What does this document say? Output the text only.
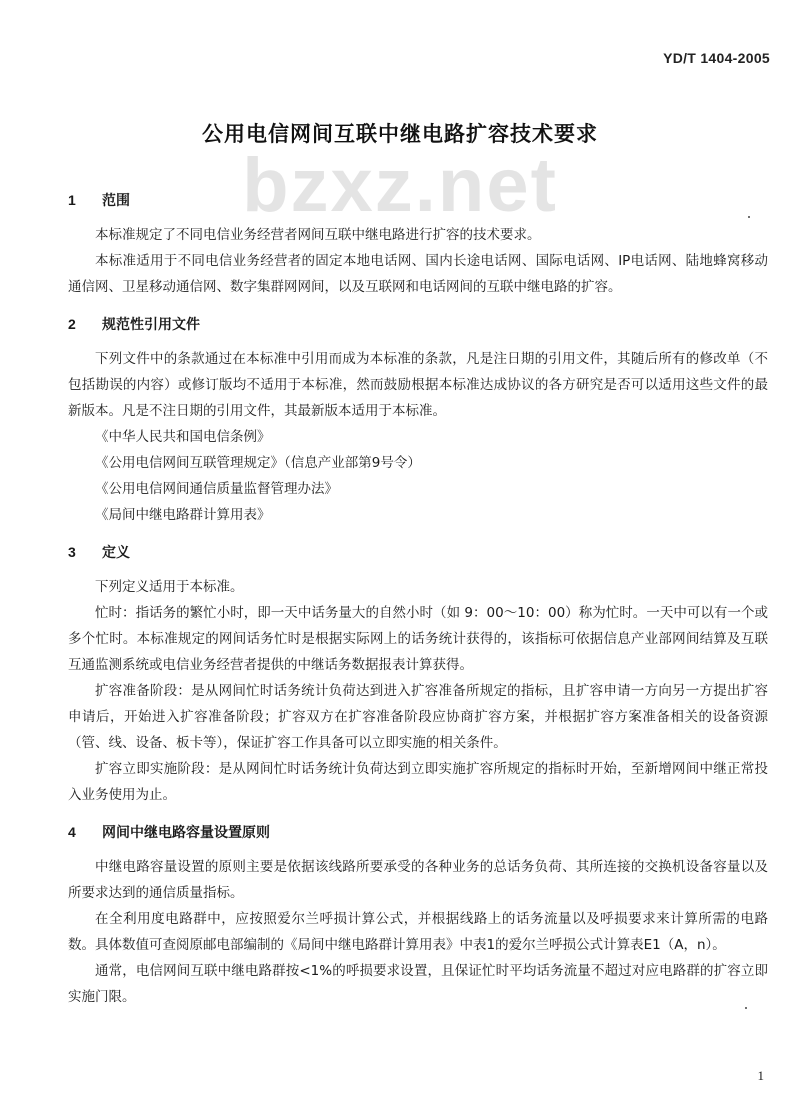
YD/T 1404-2005
bzxz.net
公用电信网间互联中继电路扩容技术要求
1 范围

本标准规定了不同电信业务经营者网间互联中继电路进行扩容的技术要求。

本标准适用于不同电信业务经营者的固定本地电话网、国内长途电话网、国际电话网、IP电话网、陆地蜂窝移动通信网、卫星移动通信网、数字集群网网间，以及互联网和电话网间的互联中继电路的扩容。

2 规范性引用文件

下列文件中的条款通过在本标准中引用而成为本标准的条款，凡是注日期的引用文件，其随后所有的修改单（不包括勘误的内容）或修订版均不适用于本标准，然而鼓励根据本标准达成协议的各方研究是否可以适用这些文件的最新版本。凡是不注日期的引用文件，其最新版本适用于本标准。

《中华人民共和国电信条例》

《公用电信网间互联管理规定》（信息产业部第9号令）

《公用电信网间通信质量监督管理办法》

《局间中继电路群计算用表》

3 定义

下列定义适用于本标准。

忙时：指话务的繁忙小时，即一天中话务量大的自然小时（如 9：00～10：00）称为忙时。一天中可以有一个或多个忙时。本标准规定的网间话务忙时是根据实际网上的话务统计获得的，该指标可依据信息产业部网间结算及互联互通监测系统或电信业务经营者提供的中继话务数据报表计算获得。

扩容准备阶段：是从网间忙时话务统计负荷达到进入扩容准备所规定的指标，且扩容申请一方向另一方提出扩容申请后，开始进入扩容准备阶段；扩容双方在扩容准备阶段应协商扩容方案，并根据扩容方案准备相关的设备资源（管、线、设备、板卡等），保证扩容工作具备可以立即实施的相关条件。

扩容立即实施阶段：是从网间忙时话务统计负荷达到立即实施扩容所规定的指标时开始，至新增网间中继正常投入业务使用为止。

4 网间中继电路容量设置原则

中继电路容量设置的原则主要是依据该线路所要承受的各种业务的总话务负荷、其所连接的交换机设备容量以及所要求达到的通信质量指标。

在全利用度电路群中，应按照爱尔兰呼损计算公式，并根据线路上的话务流量以及呼损要求来计算所需的电路数。具体数值可查阅原邮电部编制的《局间中继电路群计算用表》中表1的爱尔兰呼损公式计算表E1（A，n）。

通常，电信网间互联中继电路群按<1%的呼损要求设置，且保证忙时平均话务流量不超过对应电路群的扩容立即实施门限。

1
